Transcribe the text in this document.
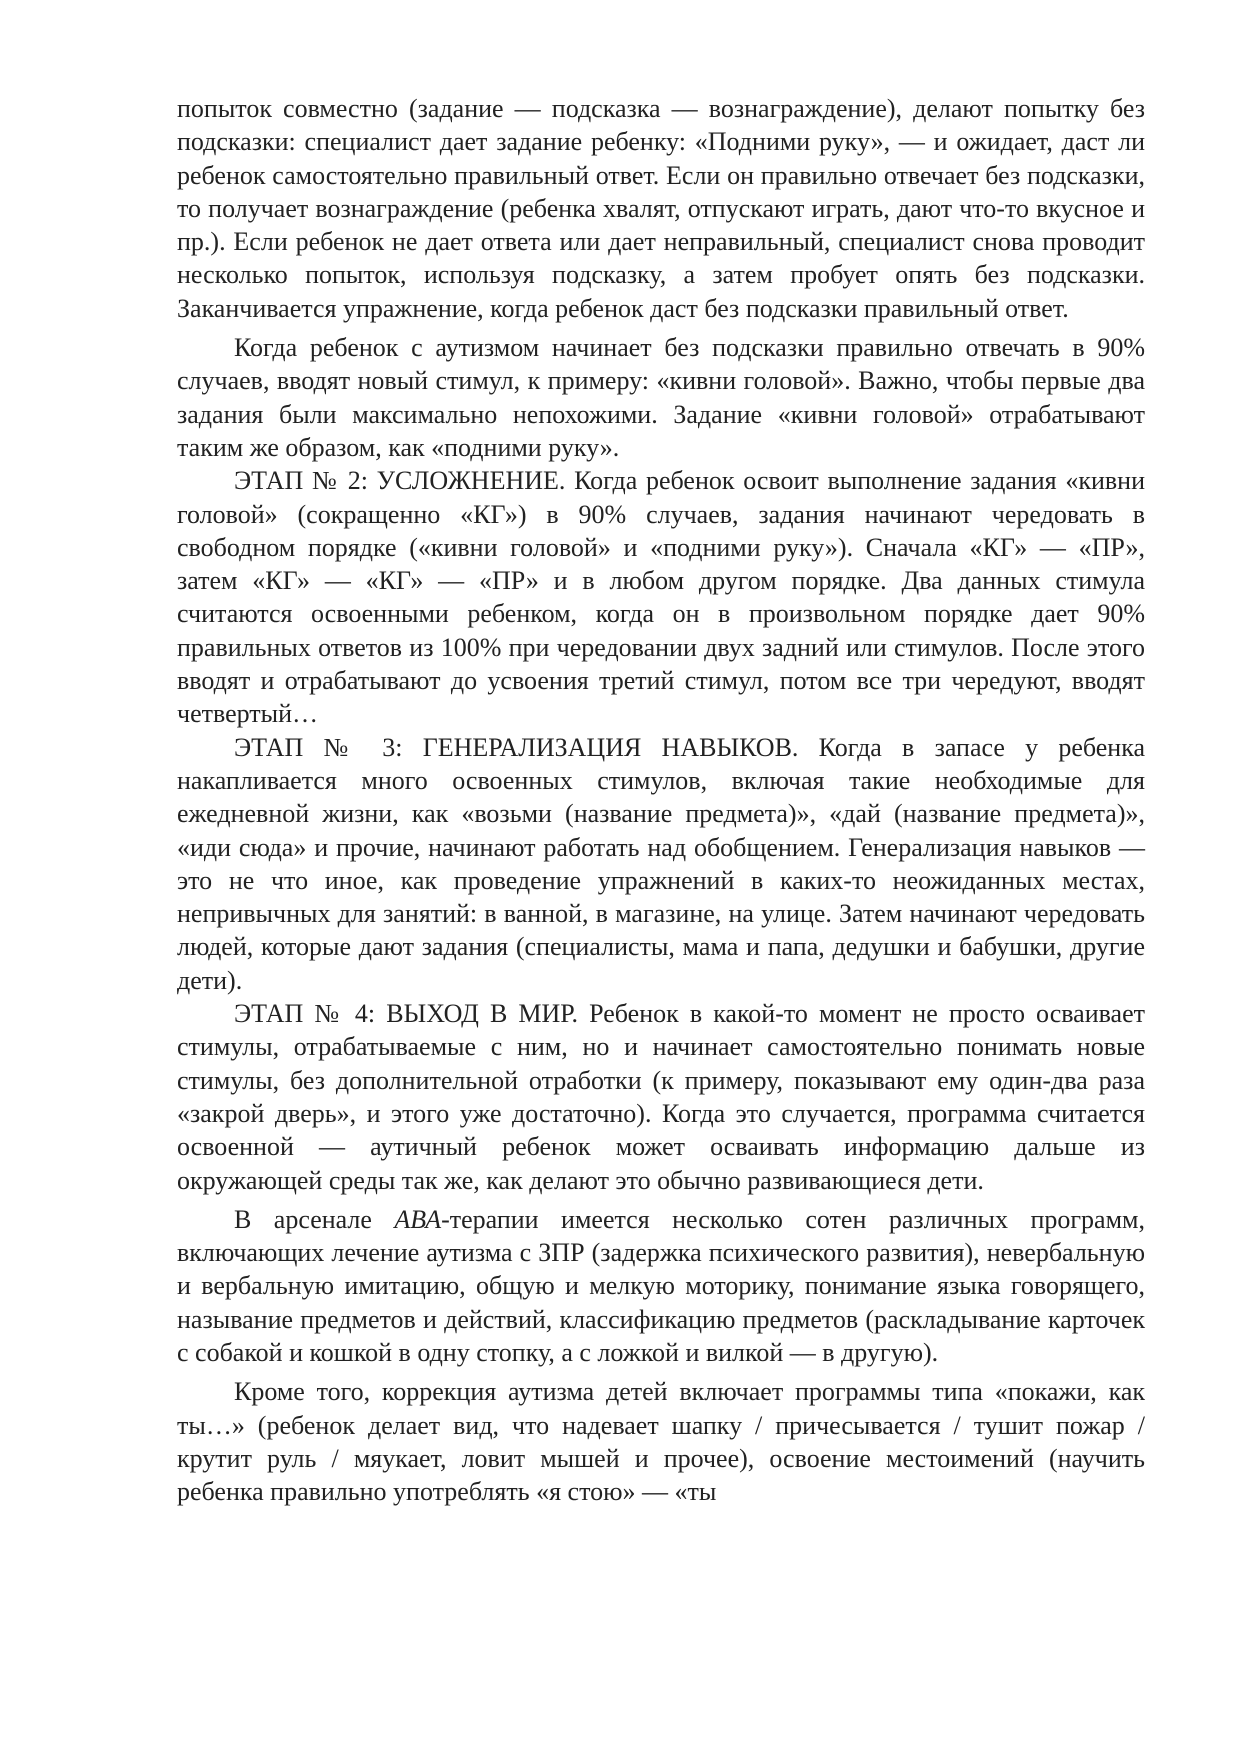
попыток совместно (задание — подсказка — вознаграждение), делают попытку без подсказки: специалист дает задание ребенку: «Подними руку», — и ожидает, даст ли ребенок самостоятельно правильный ответ. Если он правильно отвечает без подсказки, то получает вознаграждение (ребенка хвалят, отпускают играть, дают что-то вкусное и пр.). Если ребенок не дает ответа или дает неправильный, специалист снова проводит несколько попыток, используя подсказку, а затем пробует опять без подсказки. Заканчивается упражнение, когда ребенок даст без подсказки правильный ответ.

Когда ребенок с аутизмом начинает без подсказки правильно отвечать в 90% случаев, вводят новый стимул, к примеру: «кивни головой». Важно, чтобы первые два задания были максимально непохожими. Задание «кивни головой» отрабатывают таким же образом, как «подними руку».

ЭТАП № 2: УСЛОЖНЕНИЕ. Когда ребенок освоит выполнение задания «кивни головой» (сокращенно «КГ») в 90% случаев, задания начинают чередовать в свободном порядке («кивни головой» и «подними руку»). Сначала «КГ» — «ПР», затем «КГ» — «КГ» — «ПР» и в любом другом порядке. Два данных стимула считаются освоенными ребенком, когда он в произвольном порядке дает 90% правильных ответов из 100% при чередовании двух задний или стимулов. После этого вводят и отрабатывают до усвоения третий стимул, потом все три чередуют, вводят четвертый…

ЭТАП № 3: ГЕНЕРАЛИЗАЦИЯ НАВЫКОВ. Когда в запасе у ребенка накапливается много освоенных стимулов, включая такие необходимые для ежедневной жизни, как «возьми (название предмета)», «дай (название предмета)», «иди сюда» и прочие, начинают работать над обобщением. Генерализация навыков — это не что иное, как проведение упражнений в каких-то неожиданных местах, непривычных для занятий: в ванной, в магазине, на улице. Затем начинают чередовать людей, которые дают задания (специалисты, мама и папа, дедушки и бабушки, другие дети).

ЭТАП № 4: ВЫХОД В МИР. Ребенок в какой-то момент не просто осваивает стимулы, отрабатываемые с ним, но и начинает самостоятельно понимать новые стимулы, без дополнительной отработки (к примеру, показывают ему один-два раза «закрой дверь», и этого уже достаточно). Когда это случается, программа считается освоенной — аутичный ребенок может осваивать информацию дальше из окружающей среды так же, как делают это обычно развивающиеся дети.

В арсенале АВА-терапии имеется несколько сотен различных программ, включающих лечение аутизма с ЗПР (задержка психического развития), невербальную и вербальную имитацию, общую и мелкую моторику, понимание языка говорящего, называние предметов и действий, классификацию предметов (раскладывание карточек с собакой и кошкой в одну стопку, а с ложкой и вилкой — в другую).

Кроме того, коррекция аутизма детей включает программы типа «покажи, как ты…» (ребенок делает вид, что надевает шапку / причесывается / тушит пожар / крутит руль / мяукает, ловит мышей и прочее), освоение местоимений (научить ребенка правильно употреблять «я стою» — «ты
